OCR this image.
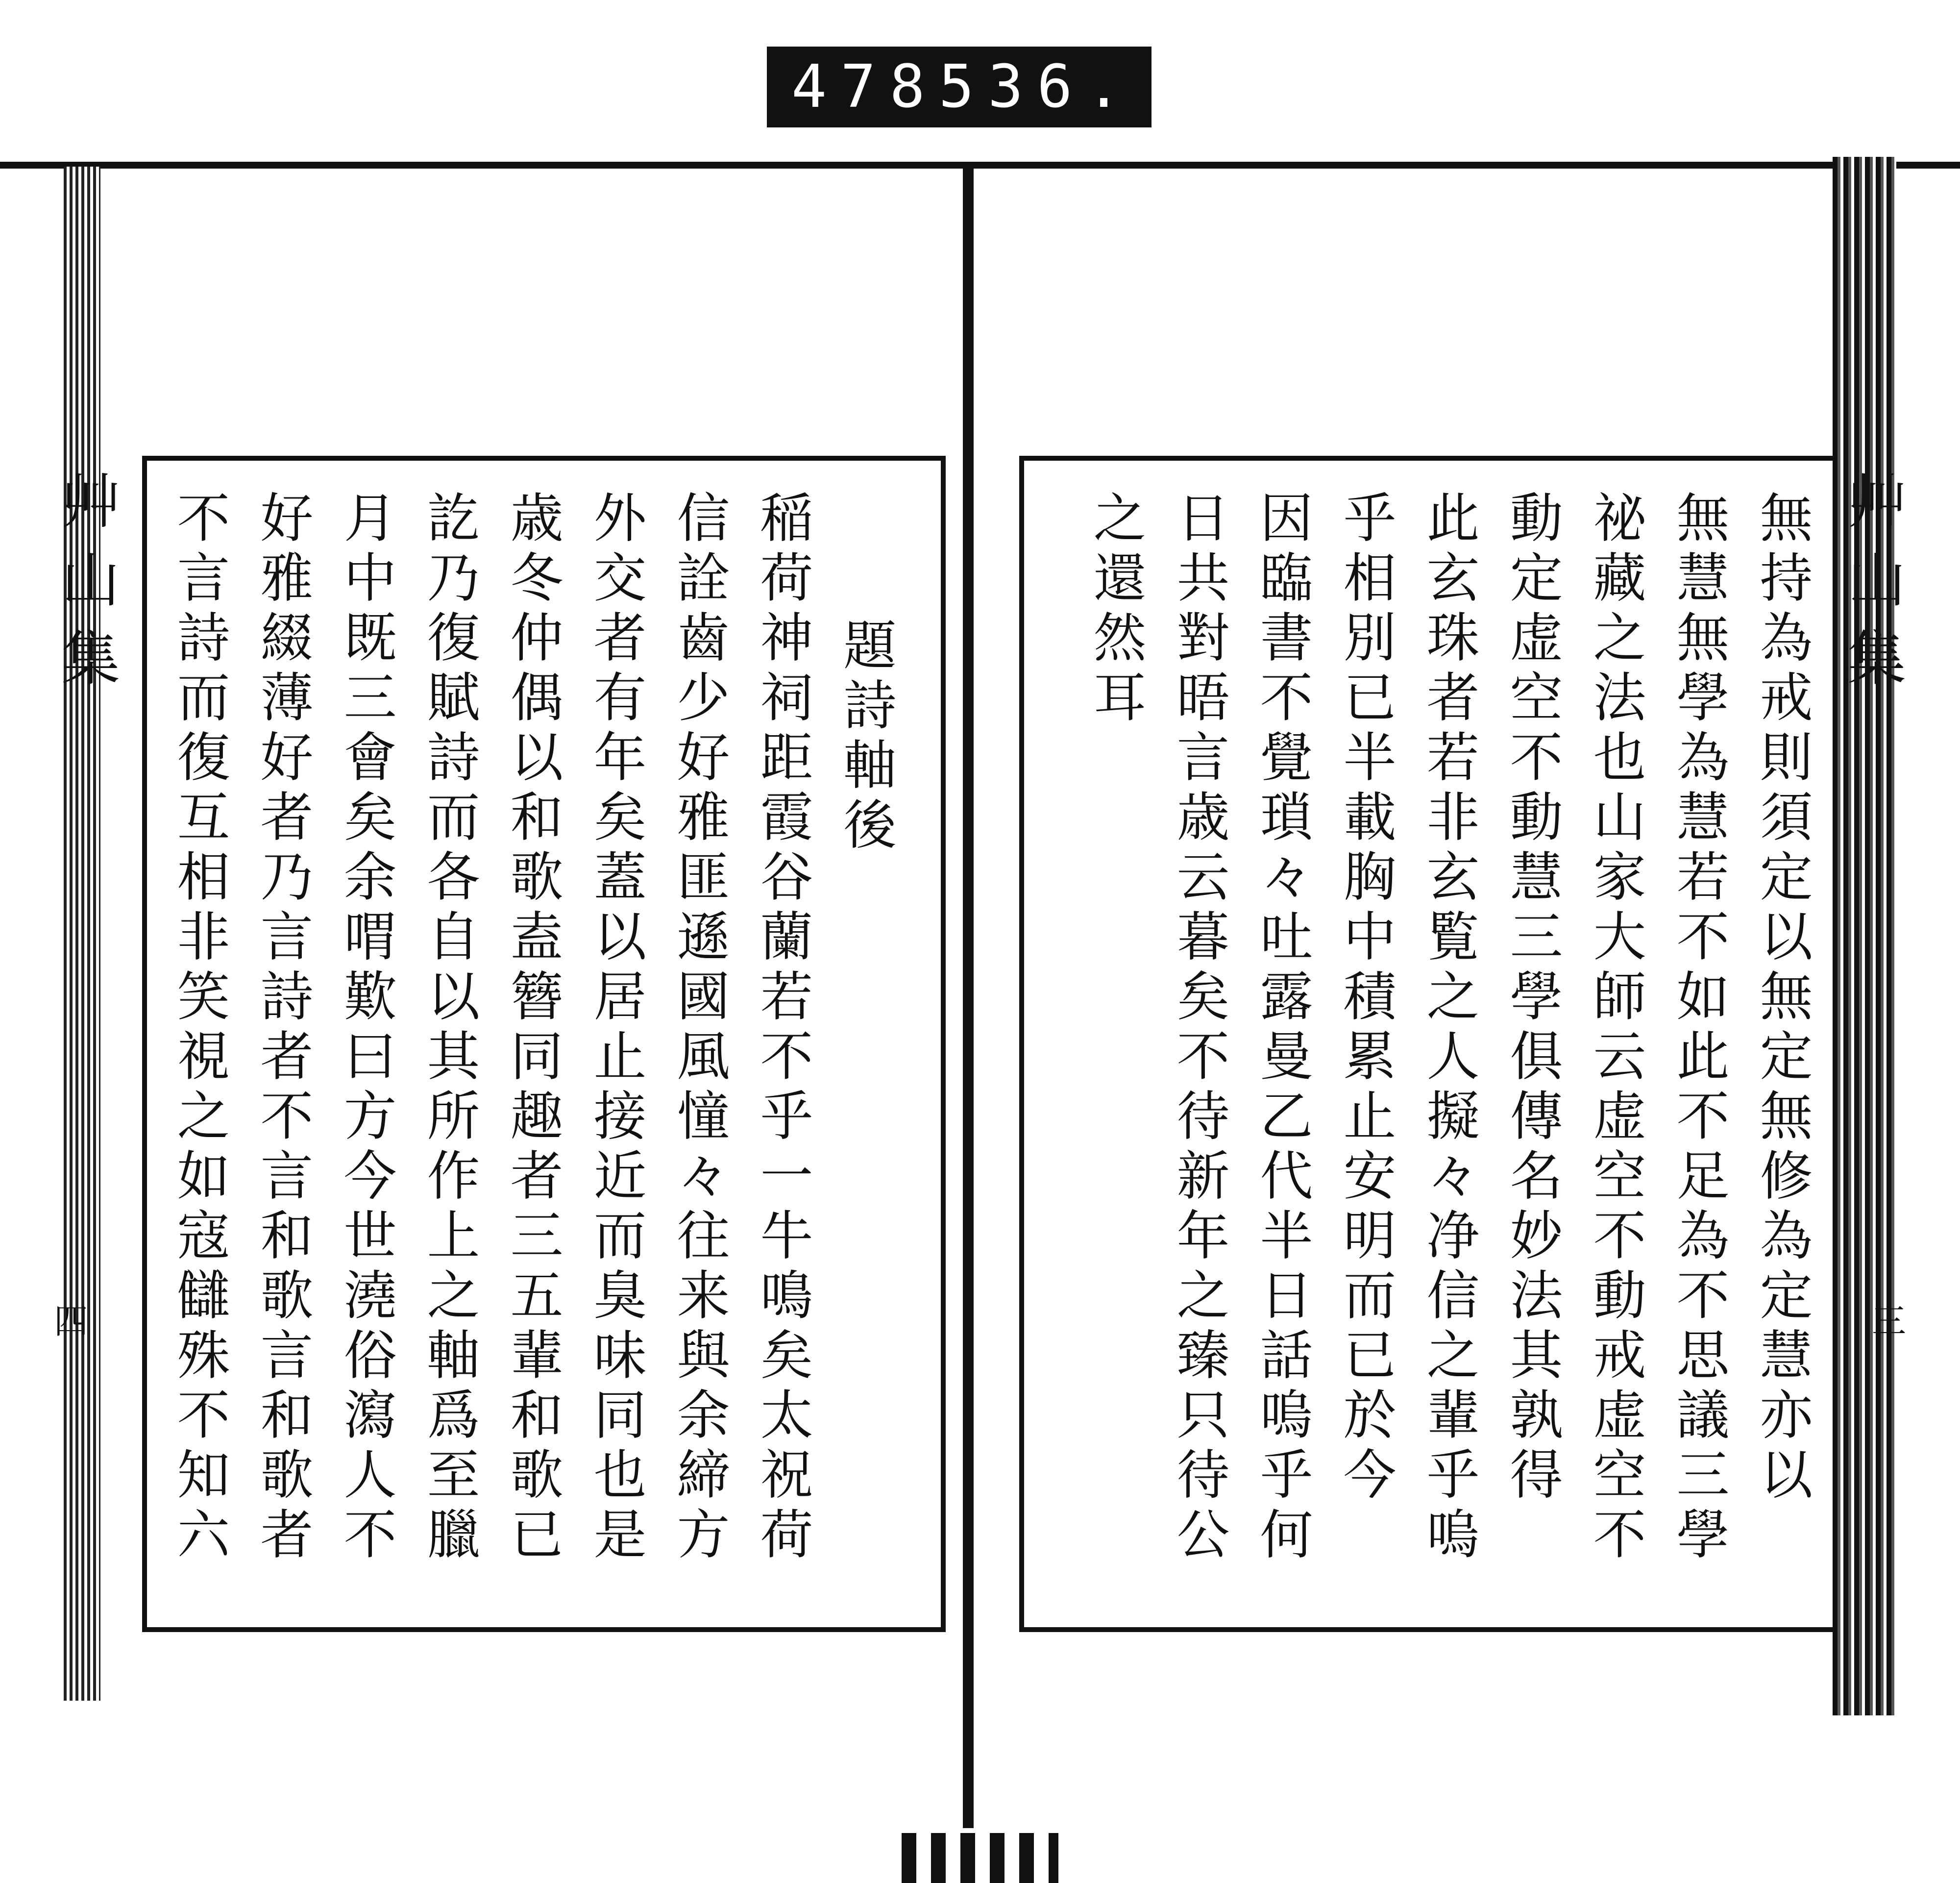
478 536.
艸山集
四
題詩軸後
稲荷神祠距霞谷蘭若不乎一牛鳴矣太祝荷
信詮齒少好雅匪遜國風憧々往来與余締方
外交者有年矣蓋以居止接近而臭味同也是
歳冬仲偶以和歌盍簪同趣者三五輩和歌已
訖乃復賦詩而各自以其所作上之軸爲至臘
月中既三會矣余喟歎曰方今世澆俗瀉人不
好雅綴薄好者乃言詩者不言和歌言和歌者
不言詩而復互相非笑視之如寇讎殊不知六	艸山集
三
無持為戒則須定以無定無修為定慧亦以
無慧無學為慧若不如此不足為不思議三學
祕藏之法也山家大師云虚空不動戒虚空不
動定虚空不動慧三學俱傳名妙法其孰得
此玄珠者若非玄覧之人擬々净信之輩乎嗚
乎相別已半載胸中積累止安明而已於今
因臨書不覺瑣々吐露曼乙代半日話嗚乎何
日共對晤言歳云暮矣不待新年之臻只待公
之還然耳
